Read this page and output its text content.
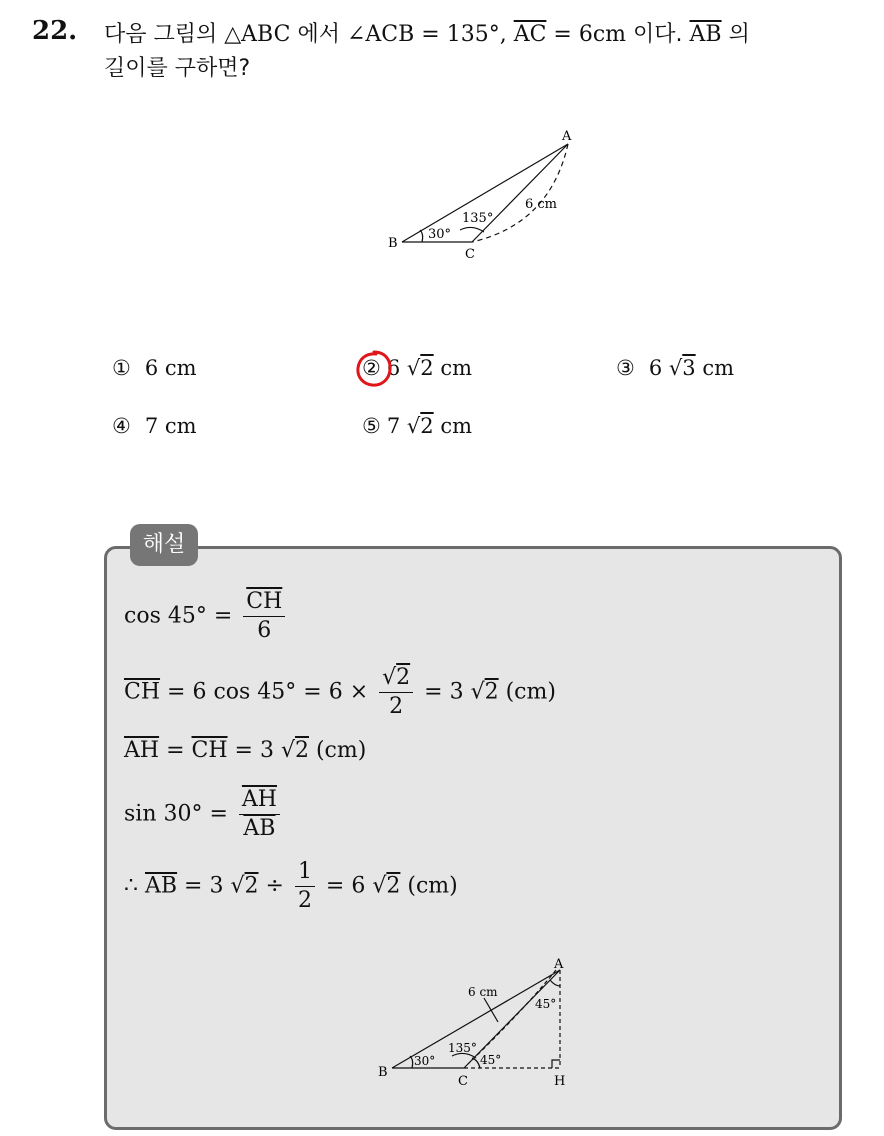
22. 다음 그림의 △ABC 에서 ∠ACB = 135°, $\overline{AC} = 6cm$ 이다. $\overline{AB}$ 의
길이를 구하면?
A
B
C
30°
135°
6 cm
① 6 cm	② 6 √2 cm	③ 6 √3 cm
④ 7 cm	⑤ 7 √2 cm
해설
$\cos 45^\circ = \frac{\overline{CH}}{6}$
$\overline{CH} = 6$ $\cos 45^\circ = 6 \times \frac{√2}{2} = 3$ √2 (cm)
$\overline{AH} = \overline{CH} = 3$ √2 (cm)
$\sin 30^\circ = \frac{\overline{AH}}{AB}$
∴ $\overline{AB} = 3$ $√2 \div \frac{1}{2} = 6$ √2 (cm)
A
B
C	H
30°
135°
45°
45°
6 cm
